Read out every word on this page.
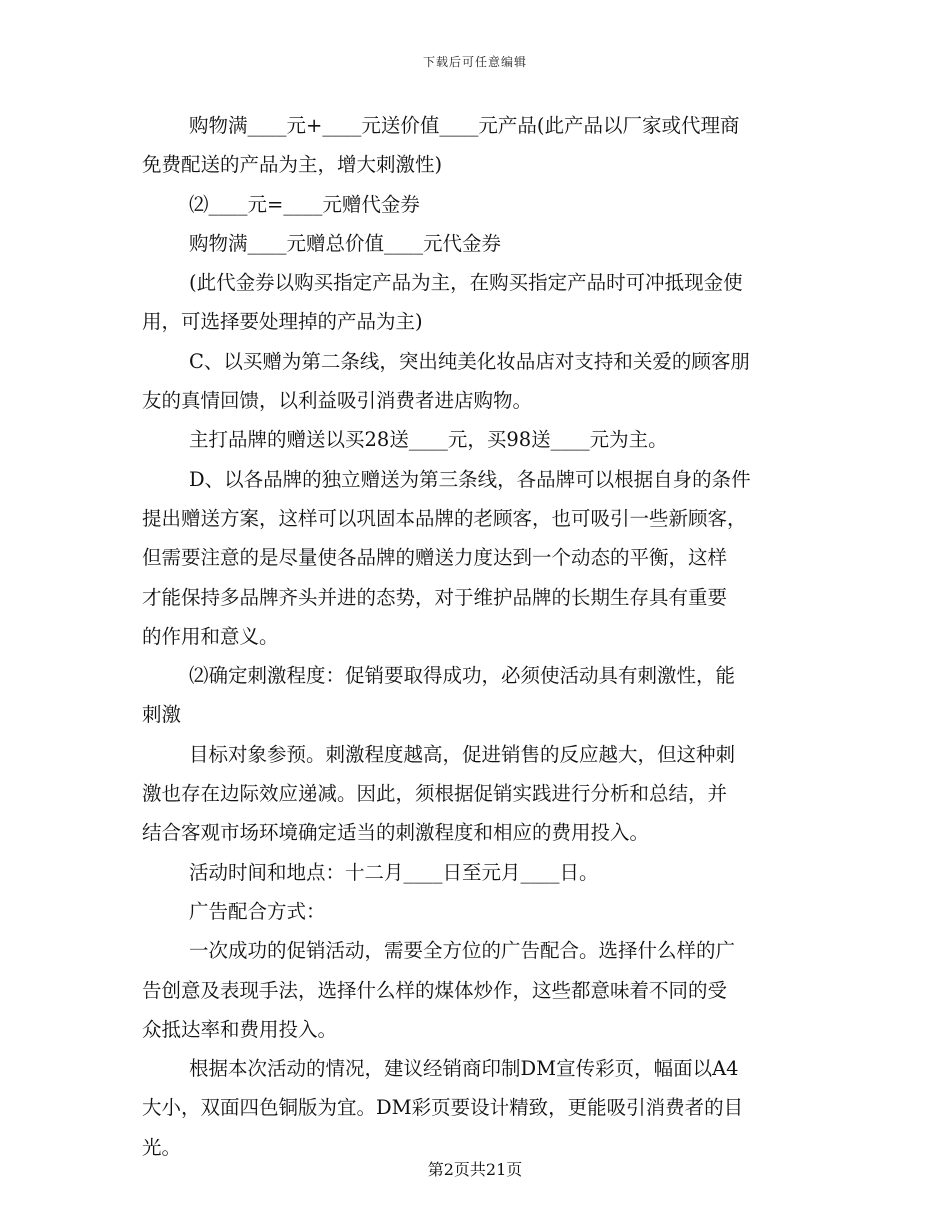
下载后可任意编辑
购物满____元+____元送价值____元产品(此产品以厂家或代理商
免费配送的产品为主，增大刺激性)
⑵____元=____元赠代金券
购物满____元赠总价值____元代金券
(此代金券以购买指定产品为主，在购买指定产品时可冲抵现金使
用，可选择要处理掉的产品为主)
C、以买赠为第二条线，突出纯美化妆品店对支持和关爱的顾客朋
友的真情回馈，以利益吸引消费者进店购物。
主打品牌的赠送以买28送____元，买98送____元为主。
D、以各品牌的独立赠送为第三条线，各品牌可以根据自身的条件
提出赠送方案，这样可以巩固本品牌的老顾客，也可吸引一些新顾客，
但需要注意的是尽量使各品牌的赠送力度达到一个动态的平衡，这样
才能保持多品牌齐头并进的态势，对于维护品牌的长期生存具有重要
的作用和意义。
⑵确定刺激程度：促销要取得成功，必须使活动具有刺激性，能
刺激
目标对象参预。刺激程度越高，促进销售的反应越大，但这种刺
激也存在边际效应递减。因此，须根据促销实践进行分析和总结，并
结合客观市场环境确定适当的刺激程度和相应的费用投入。
活动时间和地点：十二月____日至元月____日。
广告配合方式：
一次成功的促销活动，需要全方位的广告配合。选择什么样的广
告创意及表现手法，选择什么样的煤体炒作，这些都意味着不同的受
众抵达率和费用投入。
根据本次活动的情况，建议经销商印制DM宣传彩页，幅面以A4
大小，双面四色铜版为宜。DM彩页要设计精致，更能吸引消费者的目
光。
第2页共21页
